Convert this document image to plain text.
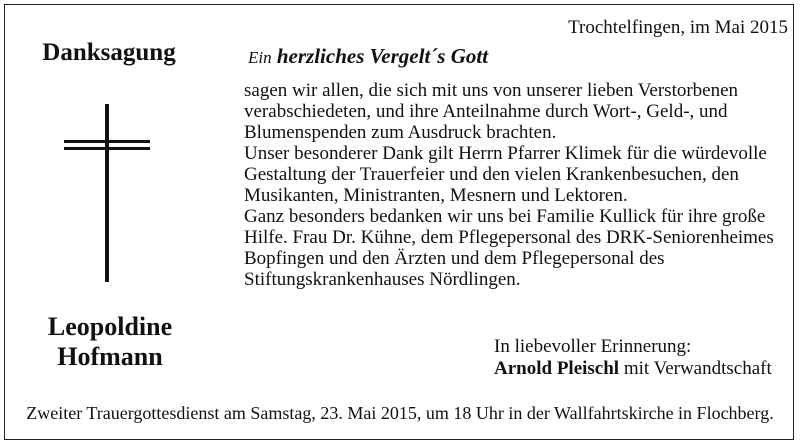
Trochtelfingen, im Mai 2015
Danksagung	Ein herzliches Vergelt´s Gott

sagen wir allen, die sich mit uns von unserer lieben Verstorbenen verabschiedeten, und ihre Anteilnahme durch Wort-, Geld-, und Blumenspenden zum Ausdruck brachten.

Unser besonderer Dank gilt Herrn Pfarrer Klimek für die würdevolle Gestaltung der Trauerfeier und den vielen Krankenbesuchen, den Musikanten, Ministranten, Mesnern und Lektoren.

Ganz besonders bedanken wir uns bei Familie Kullick für ihre große Hilfe. Frau Dr. Kühne, dem Pflegepersonal des DRK-Seniorenheimes Bopfingen und den Ärzten und dem Pflegepersonal des Stiftungskrankenhauses Nördlingen.

Leopoldine
Hofmann	In liebevoller Erinnerung:
Arnold Pleischl mit Verwandtschaft
Zweiter Trauergottesdienst am Samstag, 23. Mai 2015, um 18 Uhr in der Wallfahrtskirche in Flochberg.
